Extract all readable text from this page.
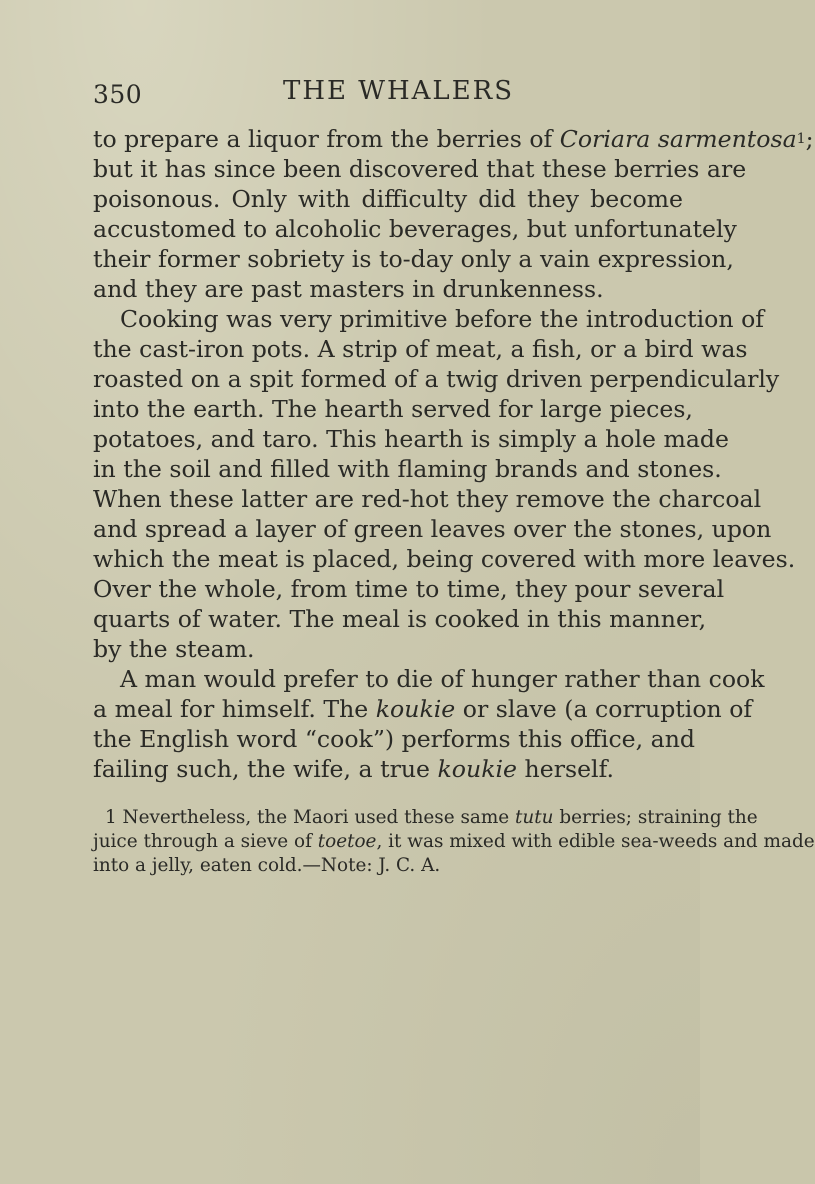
350	THE WHALERS
to prepare a liquor from the berries of Coriara sarmentosa$^1$;
but it has since been discovered that these berries are
poisonous. Only with difficulty did they become
accustomed to alcoholic beverages, but unfortunately
their former sobriety is to-day only a vain expression,
and they are past masters in drunkenness.
Cooking was very primitive before the introduction of
the cast-iron pots. A strip of meat, a fish, or a bird was
roasted on a spit formed of a twig driven perpendicularly
into the earth. The hearth served for large pieces,
potatoes, and taro. This hearth is simply a hole made
in the soil and filled with flaming brands and stones.
When these latter are red-hot they remove the charcoal
and spread a layer of green leaves over the stones, upon
which the meat is placed, being covered with more leaves.
Over the whole, from time to time, they pour several
quarts of water. The meal is cooked in this manner,
by the steam.
A man would prefer to die of hunger rather than cook
a meal for himself. The koukie or slave (a corruption of
the English word “cook”) performs this office, and
failing such, the wife, a true koukie herself.
1 Nevertheless, the Maori used these same tutu berries; straining the
juice through a sieve of toetoe, it was mixed with edible sea-weeds and made
into a jelly, eaten cold.—Note: J. C. A.
